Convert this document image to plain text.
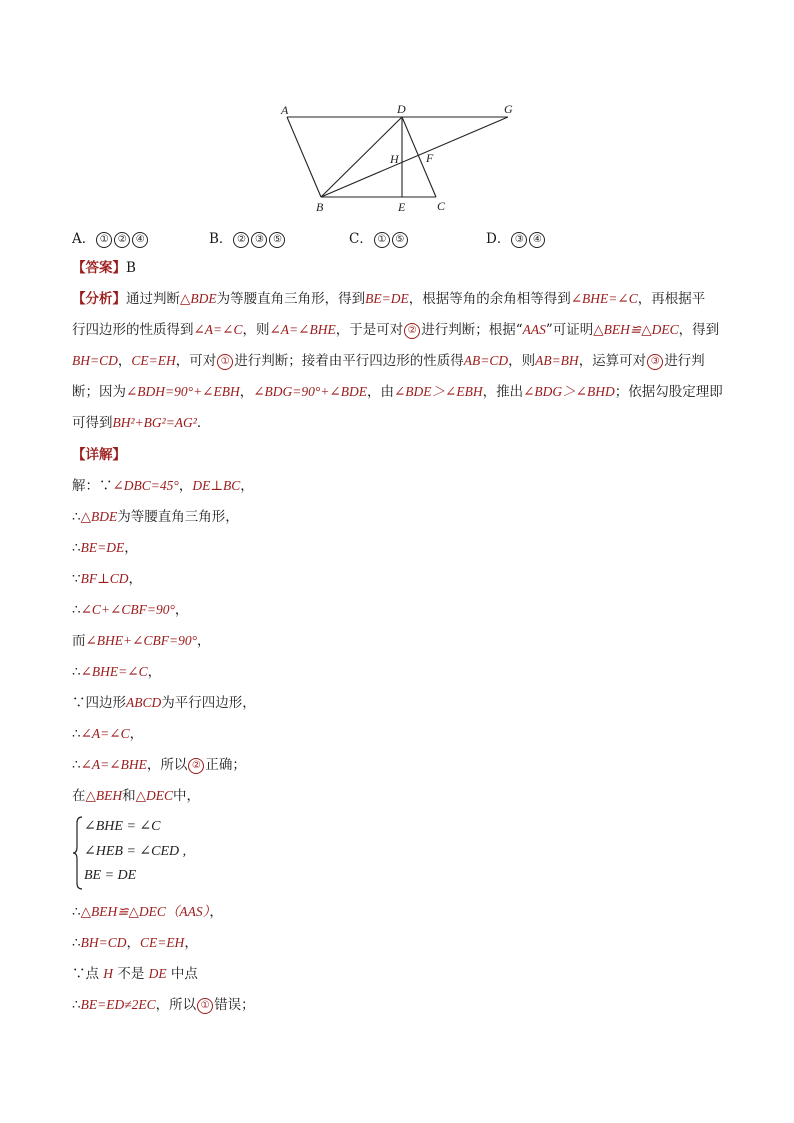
A	D	G
H F
B	E	C
A． ① ② ④	B． ② ③ ⑤	C． ① ⑤	D． ③ ④
【答案】B
【分析】通过判断△BDE为等腰直角三角形，得到BE=DE，根据等角的余角相等得到∠BHE=∠C，再根据平
行四边形的性质得到∠A=∠C，则∠A=∠BHE，于是可对 ② 进行判断；根据“AAS”可证明△BEH≌△DEC，得到
BH=CD，CE=EH，可对 ① 进行判断；接着由平行四边形的性质得AB=CD，则AB=BH，运算可对 ③ 进行判
断；因为∠BDH=90°+∠EBH，∠BDG=90°+∠BDE，由∠BDE＞∠EBH，推出∠BDG＞∠BHD；依据勾股定理即
可得到BH²+BG²=AG²．
【详解】
解：∵∠DBC=45°，DE⊥BC，
∴△BDE为等腰直角三角形，
∴BE=DE，
∵BF⊥CD，
∴∠C+∠CBF=90°，
而∠BHE+∠CBF=90°，
∴∠BHE=∠C，
∵四边形ABCD为平行四边形，
∴∠A=∠C，
∴∠A=∠BHE，所以 ② 正确；
在△BEH和△DEC中，
∠BHE = ∠C
∠HEB = ∠CED ,
BE = DE
∴△BEH≌△DEC（AAS），
∴BH=CD，CE=EH，
∵点 H 不是 DE 中点
∴BE=ED≠2EC，所以 ① 错误；
